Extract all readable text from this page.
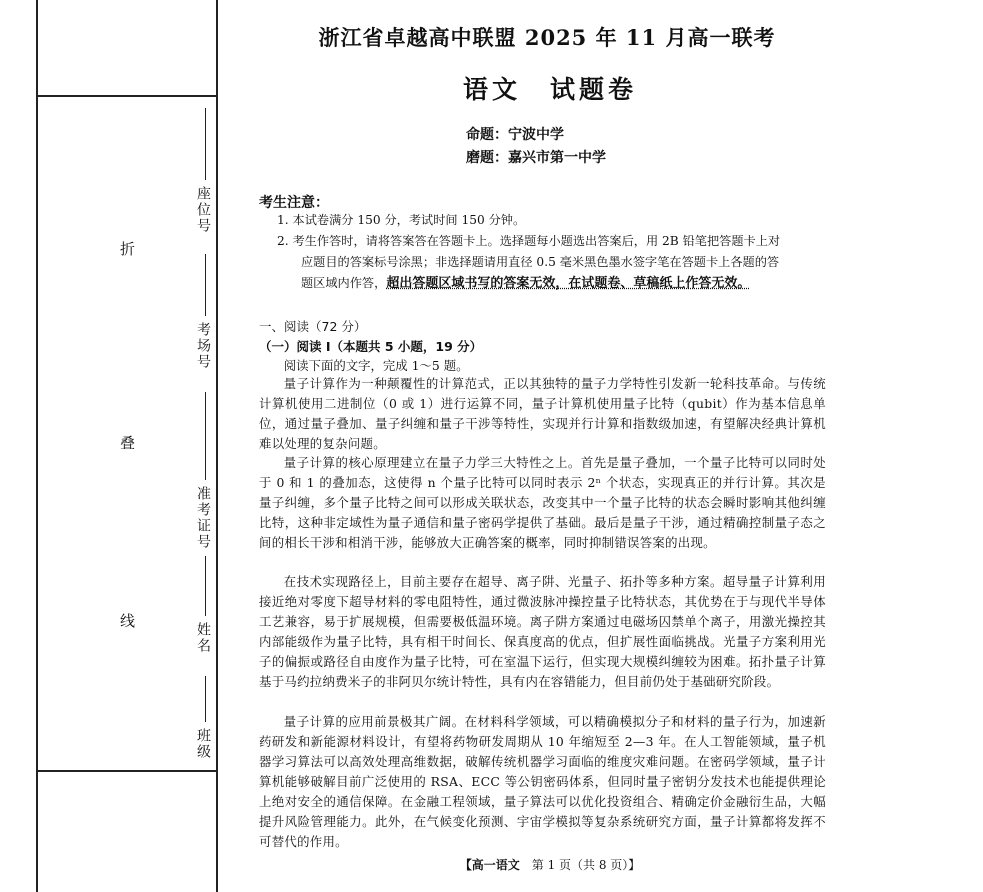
折
叠
线
座位号
考场号
准考证号
姓名
班级
浙江省卓越高中联盟 2025 年 11 月高一联考
语文　试题卷
命题：宁波中学
磨题：嘉兴市第一中学
考生注意：
1. 本试卷满分 150 分，考试时间 150 分钟。
2. 考生作答时，请将答案答在答题卡上。选择题每小题选出答案后，用 2B 铅笔把答题卡上对
应题目的答案标号涂黑；非选择题请用直径 0.5 毫米黑色墨水签字笔在答题卡上各题的答
题区域内作答，超出答题区域书写的答案无效，在试题卷、草稿纸上作答无效。
一、阅读（72 分）
（一）阅读 I（本题共 5 小题，19 分）
阅读下面的文字，完成 1～5 题。
量子计算作为一种颠覆性的计算范式，正以其独特的量子力学特性引发新一轮科技革命。与传统计算机使用二进制位（0 或 1）进行运算不同，量子计算机使用量子比特（qubit）作为基本信息单位，通过量子叠加、量子纠缠和量子干涉等特性，实现并行计算和指数级加速，有望解决经典计算机难以处理的复杂问题。
量子计算的核心原理建立在量子力学三大特性之上。首先是量子叠加，一个量子比特可以同时处于 0 和 1 的叠加态，这使得 n 个量子比特可以同时表示 2ⁿ 个状态，实现真正的并行计算。其次是量子纠缠，多个量子比特之间可以形成关联状态，改变其中一个量子比特的状态会瞬时影响其他纠缠比特，这种非定域性为量子通信和量子密码学提供了基础。最后是量子干涉，通过精确控制量子态之间的相长干涉和相消干涉，能够放大正确答案的概率，同时抑制错误答案的出现。
在技术实现路径上，目前主要存在超导、离子阱、光量子、拓扑等多种方案。超导量子计算利用接近绝对零度下超导材料的零电阻特性，通过微波脉冲操控量子比特状态，其优势在于与现代半导体工艺兼容，易于扩展规模，但需要极低温环境。离子阱方案通过电磁场囚禁单个离子，用激光操控其内部能级作为量子比特，具有相干时间长、保真度高的优点，但扩展性面临挑战。光量子方案利用光子的偏振或路径自由度作为量子比特，可在室温下运行，但实现大规模纠缠较为困难。拓扑量子计算基于马约拉纳费米子的非阿贝尔统计特性，具有内在容错能力，但目前仍处于基础研究阶段。
量子计算的应用前景极其广阔。在材料科学领域，可以精确模拟分子和材料的量子行为，加速新药研发和新能源材料设计，有望将药物研发周期从 10 年缩短至 2—3 年。在人工智能领域，量子机器学习算法可以高效处理高维数据，破解传统机器学习面临的维度灾难问题。在密码学领域，量子计算机能够破解目前广泛使用的 RSA、ECC 等公钥密码体系，但同时量子密钥分发技术也能提供理论上绝对安全的通信保障。在金融工程领域，量子算法可以优化投资组合、精确定价金融衍生品，大幅提升风险管理能力。此外，在气候变化预测、宇宙学模拟等复杂系统研究方面，量子计算都将发挥不可替代的作用。
【高一语文　 第 1 页（共 8 页）】
